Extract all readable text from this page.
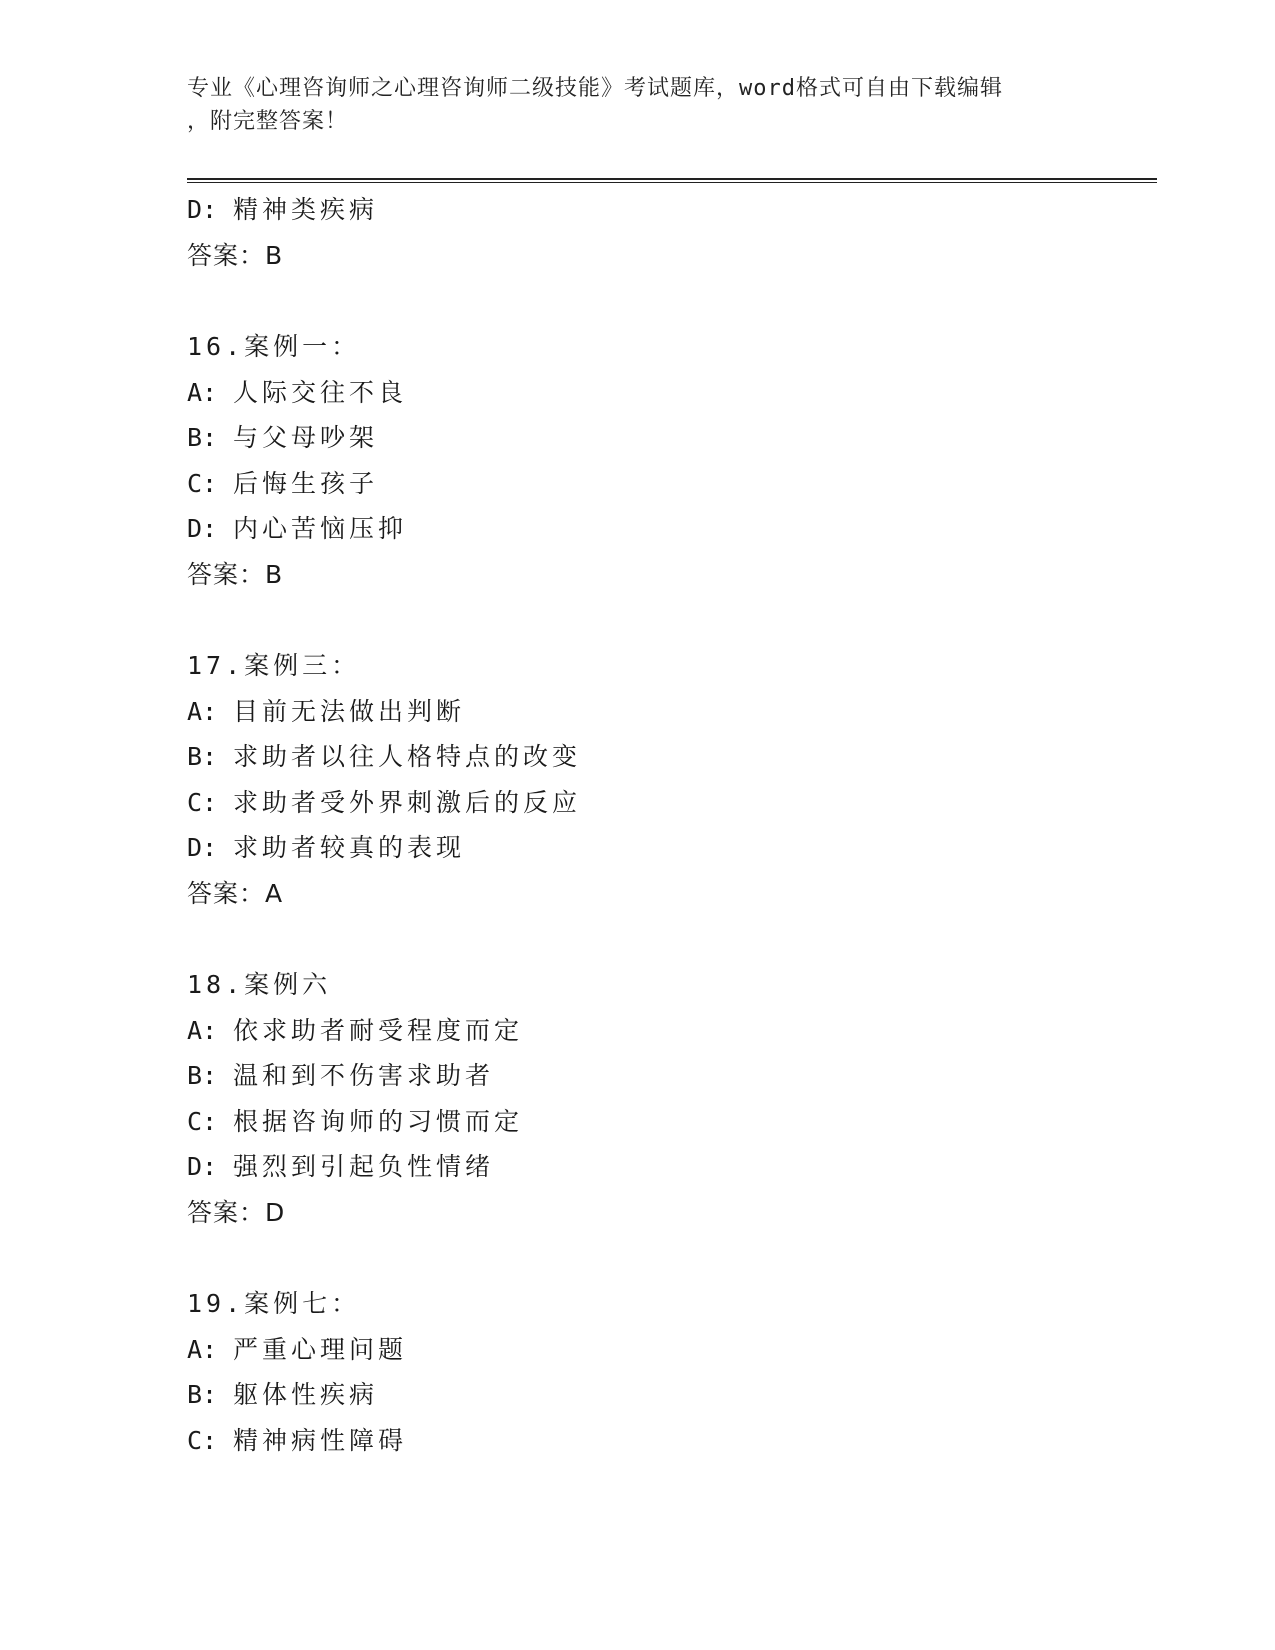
专业《心理咨询师之心理咨询师二级技能》考试题库，word格式可自由下载编辑
，附完整答案！
D: 精神类疾病
答案：B
16.案例一：
A: 人际交往不良
B: 与父母吵架
C: 后悔生孩子
D: 内心苦恼压抑
答案：B
17.案例三：
A: 目前无法做出判断
B: 求助者以往人格特点的改变
C: 求助者受外界刺激后的反应
D: 求助者较真的表现
答案：A
18.案例六
A: 依求助者耐受程度而定
B: 温和到不伤害求助者
C: 根据咨询师的习惯而定
D: 强烈到引起负性情绪
答案：D
19.案例七：
A: 严重心理问题
B: 躯体性疾病
C: 精神病性障碍
